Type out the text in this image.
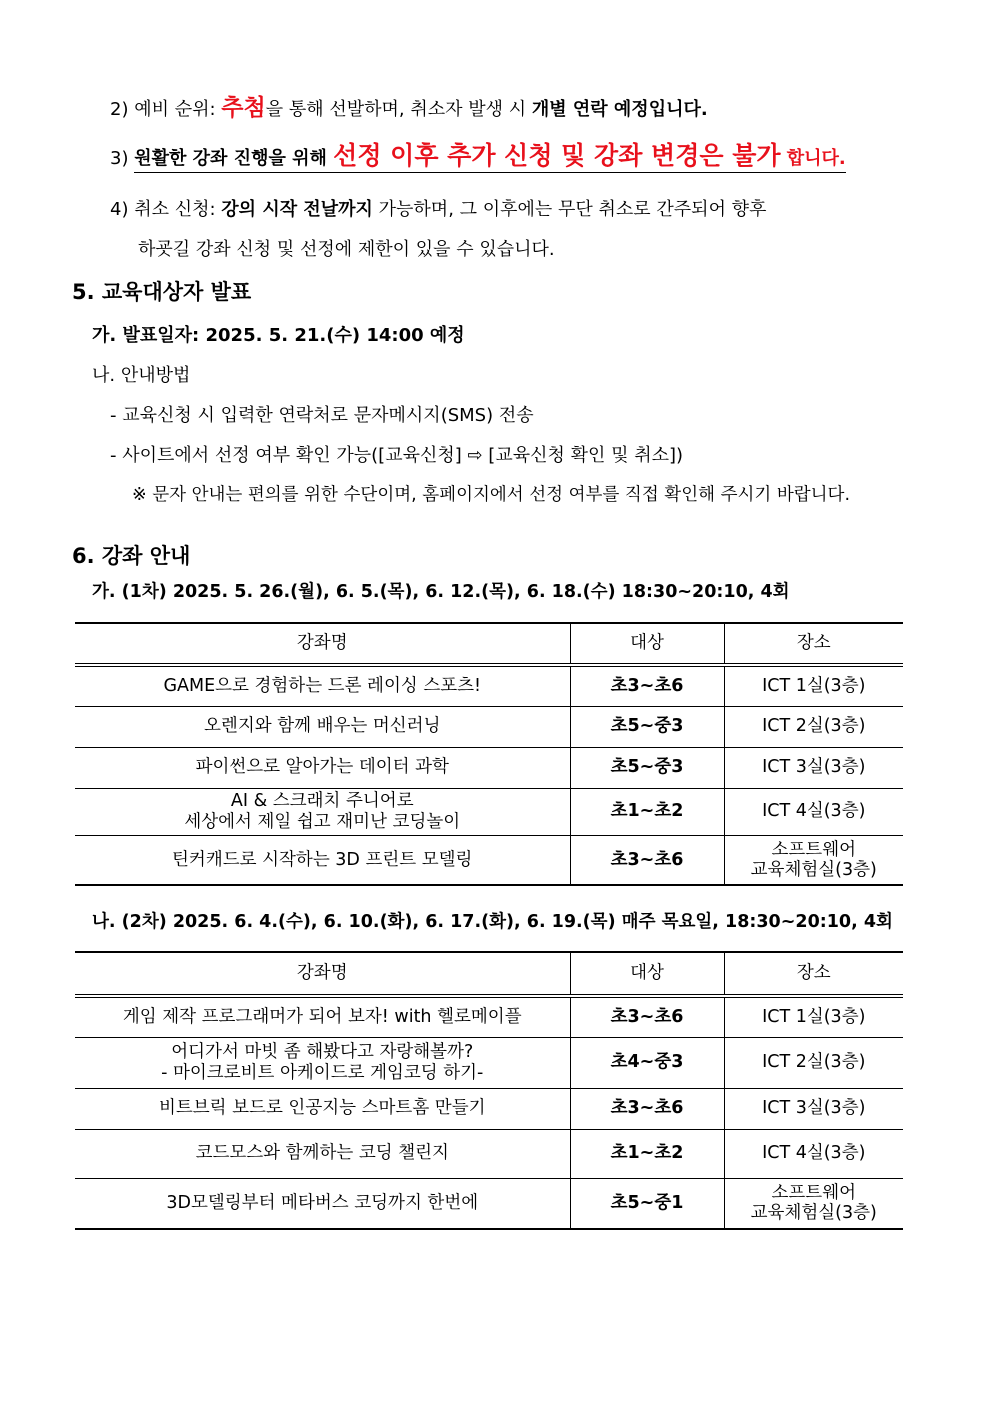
2) 예비 순위: 추첨을 통해 선발하며, 취소자 발생 시 개별 연락 예정입니다.
3) 원활한 강좌 진행을 위해 선정 이후 추가 신청 및 강좌 변경은 불가 합니다.
4) 취소 신청: 강의 시작 전날까지 가능하며, 그 이후에는 무단 취소로 간주되어 향후
하굣길 강좌 신청 및 선정에 제한이 있을 수 있습니다.
5. 교육대상자 발표
가. 발표일자: 2025. 5. 21.(수) 14:00 예정
나. 안내방법
- 교육신청 시 입력한 연락처로 문자메시지(SMS) 전송
- 사이트에서 선정 여부 확인 가능([교육신청] ⇨ [교육신청 확인 및 취소])
※ 문자 안내는 편의를 위한 수단이며, 홈페이지에서 선정 여부를 직접 확인해 주시기 바랍니다.
6. 강좌 안내
가. (1차) 2025. 5. 26.(월), 6. 5.(목), 6. 12.(목), 6. 18.(수) 18:30~20:10, 4회
강좌명	대상	장소
GAME으로 경험하는 드론 레이싱 스포츠!	초3~초6	ICT 1실(3층)
오렌지와 함께 배우는 머신러닝	초5~중3	ICT 2실(3층)
파이썬으로 알아가는 데이터 과학	초5~중3	ICT 3실(3층)

AI & 스크래치 주니어로
세상에서 제일 쉽고 재미난 코딩놀이	초1~초2	ICT 4실(3층)
틴커캐드로 시작하는 3D 프린트 모델링	초3~초6	소프트웨어
교육체험실(3층)
나. (2차) 2025. 6. 4.(수), 6. 10.(화), 6. 17.(화), 6. 19.(목) 매주 목요일, 18:30~20:10, 4회
강좌명	대상	장소
게임 제작 프로그래머가 되어 보자! with 헬로메이플	초3~초6	ICT 1실(3층)

어디가서 마빗 좀 해봤다고 자랑해볼까?
- 마이크로비트 아케이드로 게임코딩 하기-	초4~중3	ICT 2실(3층)
비트브릭 보드로 인공지능 스마트홈 만들기	초3~초6	ICT 3실(3층)
코드모스와 함께하는 코딩 챌린지	초1~초2	ICT 4실(3층)
3D모델링부터 메타버스 코딩까지 한번에	초5~중1	소프트웨어
교육체험실(3층)
